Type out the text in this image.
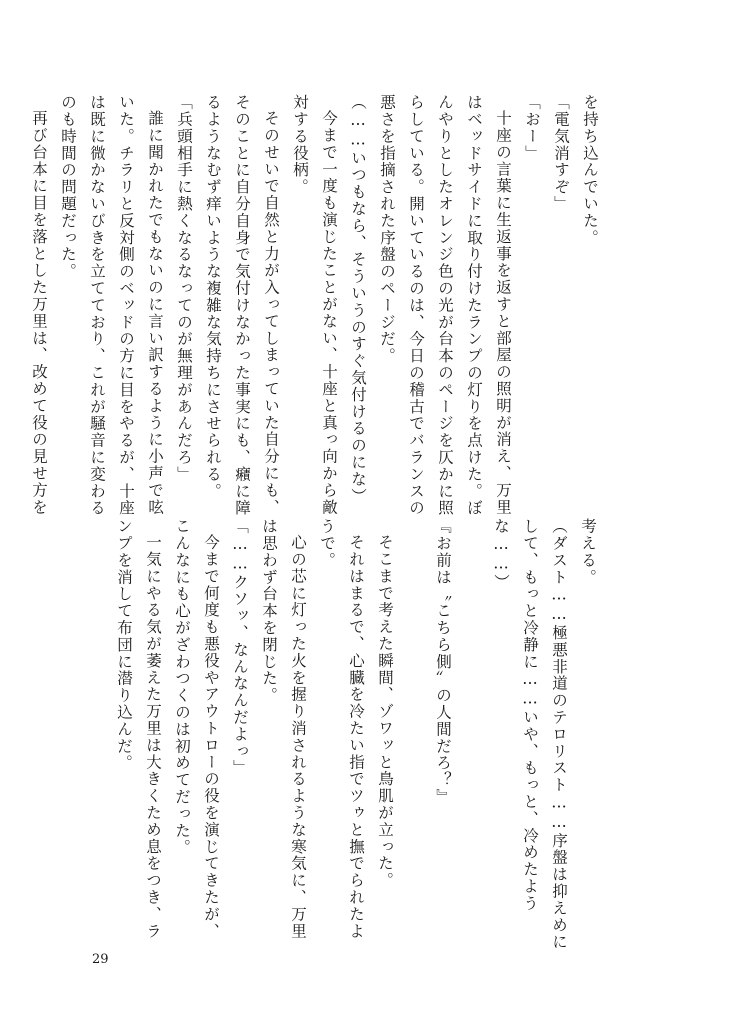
を持ち込んでいた。
「電気消すぞ」
「おー」
十座の言葉に生返事を返すと部屋の照明が消え、万里
はベッドサイドに取り付けたランプの灯りを点けた。ぼ
んやりとしたオレンジ色の光が台本のページを仄かに照
らしている。開いているのは、今日の稽古でバランスの
悪さを指摘された序盤のページだ。
（……いつもなら、そういうのすぐ気付けるのにな）
今まで一度も演じたことがない、十座と真っ向から敵
対する役柄。
そのせいで自然と力が入ってしまっていた自分にも、
そのことに自分自身で気付けなかった事実にも、癪に障
るようなむず痒いような複雑な気持ちにさせられる。
「兵頭相手に熱くなるなってのが無理があんだろ」
誰に聞かれたでもないのに言い訳するように小声で呟
いた。チラリと反対側のベッドの方に目をやるが、十座
は既に微かないびきを立てており、これが騒音に変わる
のも時間の問題だった。
再び台本に目を落とした万里は、改めて役の見せ方を
考える。
（ダスト……極悪非道のテロリスト……序盤は抑えめに
して、もっと冷静に……いや、もっと、冷めたよう
な……）

『お前は〝こちら側〟の人間だろ？』

そこまで考えた瞬間、ゾワッと鳥肌が立った。
それはまるで、心臓を冷たい指でツゥと撫でられたよ
うで。
心の芯に灯った火を握り消されるような寒気に、万里
は思わず台本を閉じた。
「……クソッ、なんなんだよっ」
今まで何度も悪役やアウトローの役を演じてきたが、
こんなにも心がざわつくのは初めてだった。
一気にやる気が萎えた万里は大きくため息をつき、ラ
ンプを消して布団に潜り込んだ。
29
